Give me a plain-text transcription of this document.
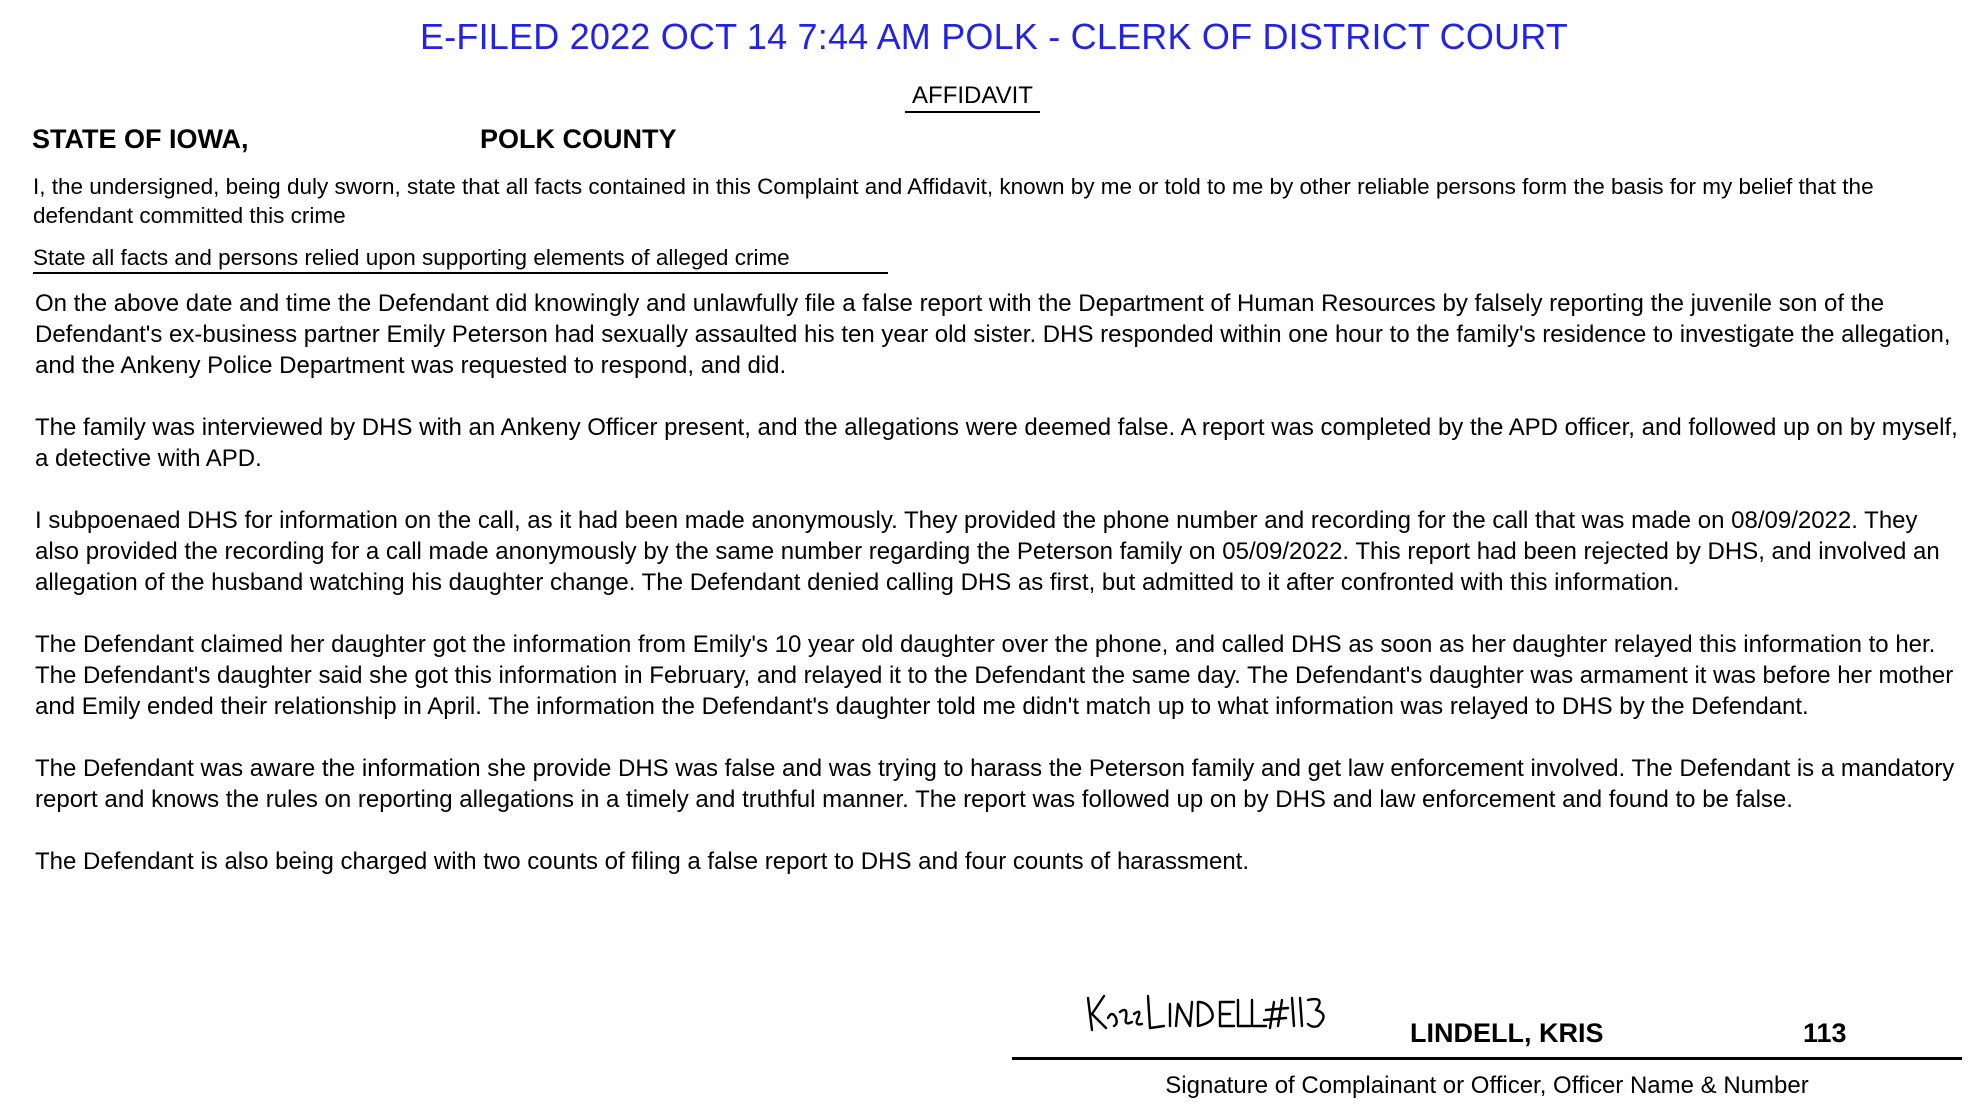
E-FILED 2022 OCT 14 7:44 AM POLK - CLERK OF DISTRICT COURT
AFFIDAVIT
STATE OF IOWA,	POLK COUNTY
I, the undersigned, being duly sworn, state that all facts contained in this Complaint and Affidavit, known by me or told to me by other reliable persons form the basis for my belief that the defendant committed this crime
State all facts and persons relied upon supporting elements of alleged crime

On the above date and time the Defendant did knowingly and unlawfully file a false report with the Department of Human Resources by falsely reporting the juvenile son of the Defendant's ex-business partner Emily Peterson had sexually assaulted his ten year old sister. DHS responded within one hour to the family's residence to investigate the allegation, and the Ankeny Police Department was requested to respond, and did.

The family was interviewed by DHS with an Ankeny Officer present, and the allegations were deemed false. A report was completed by the APD officer, and followed up on by myself, a detective with APD.

I subpoenaed DHS for information on the call, as it had been made anonymously. They provided the phone number and recording for the call that was made on 08/09/2022. They also provided the recording for a call made anonymously by the same number regarding the Peterson family on 05/09/2022. This report had been rejected by DHS, and involved an allegation of the husband watching his daughter change. The Defendant denied calling DHS as first, but admitted to it after confronted with this information.

The Defendant claimed her daughter got the information from Emily's 10 year old daughter over the phone, and called DHS as soon as her daughter relayed this information to her. The Defendant's daughter said she got this information in February, and relayed it to the Defendant the same day. The Defendant's daughter was armament it was before her mother and Emily ended their relationship in April. The information the Defendant's daughter told me didn't match up to what information was relayed to DHS by the Defendant.

The Defendant was aware the information she provide DHS was false and was trying to harass the Peterson family and get law enforcement involved. The Defendant is a mandatory report and knows the rules on reporting allegations in a timely and truthful manner. The report was followed up on by DHS and law enforcement and found to be false.

The Defendant is also being charged with two counts of filing a false report to DHS and four counts of harassment.

LINDELL, KRIS	113
Signature of Complainant or Officer, Officer Name & Number
